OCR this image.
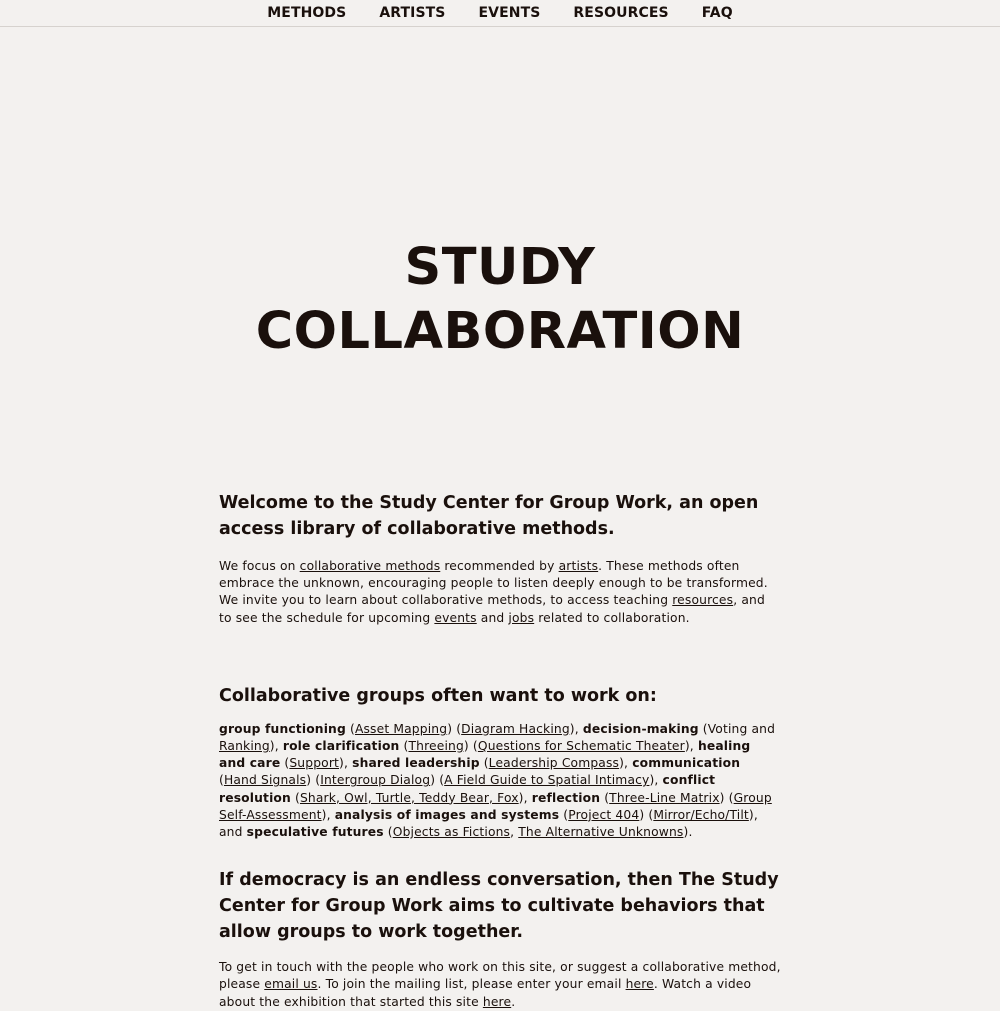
METHODS ARTISTS EVENTS RESOURCES FAQ
STUDY
COLLABORATION
Welcome to the Study Center for Group Work, an open access library of collaborative methods.

We focus on collaborative methods recommended by artists. These methods often embrace the unknown, encouraging people to listen deeply enough to be transformed. We invite you to learn about collaborative methods, to access teaching resources, and to see the schedule for upcoming events and jobs related to collaboration.

Collaborative groups often want to work on:

group functioning (Asset Mapping) (Diagram Hacking), decision-making (Voting and Ranking), role clarification (Threeing) (Questions for Schematic Theater), healing and care (Support), shared leadership (Leadership Compass), communication (Hand Signals) (Intergroup Dialog) (A Field Guide to Spatial Intimacy), conflict resolution (Shark, Owl, Turtle, Teddy Bear, Fox), reflection (Three-Line Matrix) (Group Self-Assessment), analysis of images and systems (Project 404) (Mirror/Echo/Tilt), and speculative futures (Objects as Fictions, The Alternative Unknowns).

If democracy is an endless conversation, then The Study Center for Group Work aims to cultivate behaviors that allow groups to work together.

To get in touch with the people who work on this site, or suggest a collaborative method, please email us. To join the mailing list, please enter your email here. Watch a video about the exhibition that started this site here.
